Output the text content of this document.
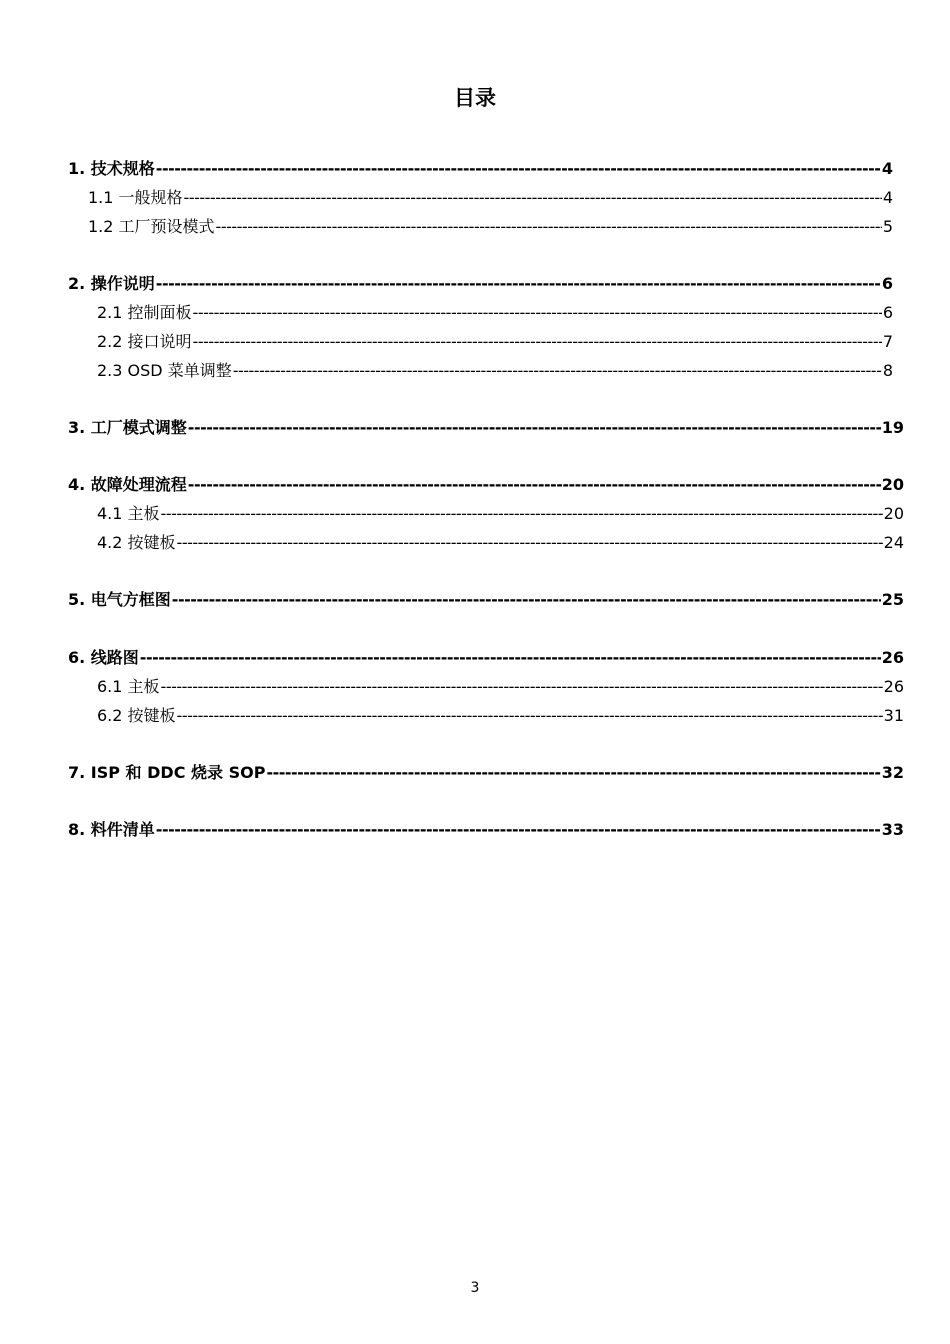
目录
1. 技术规格 -----	4
1.1 一般规格 -----	4
1.2 工厂预设模式 -----	5
2. 操作说明 -----	6
2.1 控制面板 -----	6
2.2 接口说明 -----	7
2.3 OSD 菜单调整 -----	8
3. 工厂模式调整 -----	19
4. 故障处理流程 -----	20
4.1 主板 -----	20
4.2 按键板 -----	24
5. 电气方框图 -----	25
6. 线路图 -----	26
6.1 主板 -----	26
6.2 按键板 -----	31
7. ISP 和 DDC 烧录 SOP -----	32
8. 料件清单 -----	33
3
